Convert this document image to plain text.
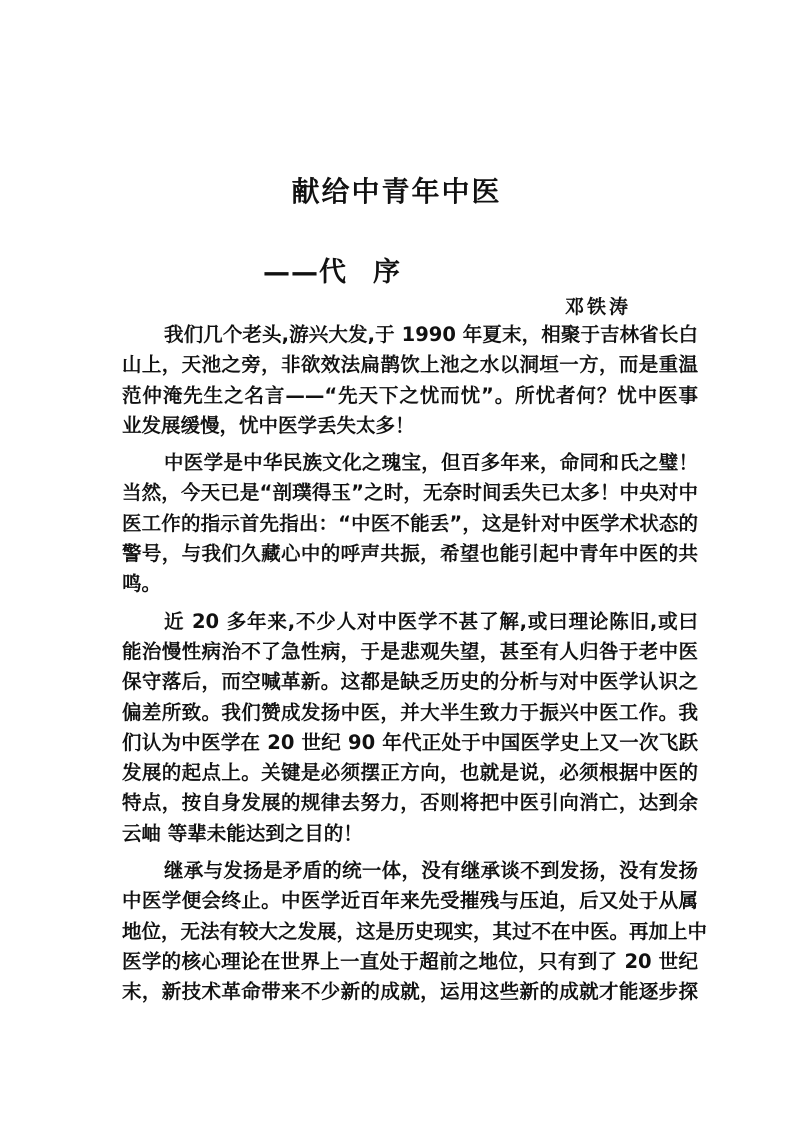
献给中青年中医
——代 序
邓铁涛
我们几个老头,游兴大发,于 1990 年夏末，相聚于吉林省长白
山上，天池之旁，非欲效法扁鹊饮上池之水以洞垣一方，而是重温
范仲淹先生之名言——“先天下之忧而忧”。所忧者何？忧中医事
业发展缓慢，忧中医学丢失太多！
中医学是中华民族文化之瑰宝，但百多年来，命同和氏之璧！
当然，今天已是“剖璞得玉”之时，无奈时间丢失已太多！中央对中
医工作的指示首先指出：“中医不能丢”，这是针对中医学术状态的
警号，与我们久藏心中的呼声共振，希望也能引起中青年中医的共
鸣。
近 20 多年来,不少人对中医学不甚了解,或曰理论陈旧,或曰
能治慢性病治不了急性病，于是悲观失望，甚至有人归咎于老中医
保守落后，而空喊革新。这都是缺乏历史的分析与对中医学认识之
偏差所致。我们赞成发扬中医，并大半生致力于振兴中医工作。我
们认为中医学在 20 世纪 90 年代正处于中国医学史上又一次飞跃
发展的起点上。关键是必须摆正方向，也就是说，必须根据中医的
特点，按自身发展的规律去努力，否则将把中医引向消亡，达到余
云岫 等辈未能达到之目的！
继承与发扬是矛盾的统一体，没有继承谈不到发扬，没有发扬
中医学便会终止。中医学近百年来先受摧残与压迫，后又处于从属
地位，无法有较大之发展，这是历史现实，其过不在中医。再加上中
医学的核心理论在世界上一直处于超前之地位，只有到了 20 世纪
末，新技术革命带来不少新的成就，运用这些新的成就才能逐步探
